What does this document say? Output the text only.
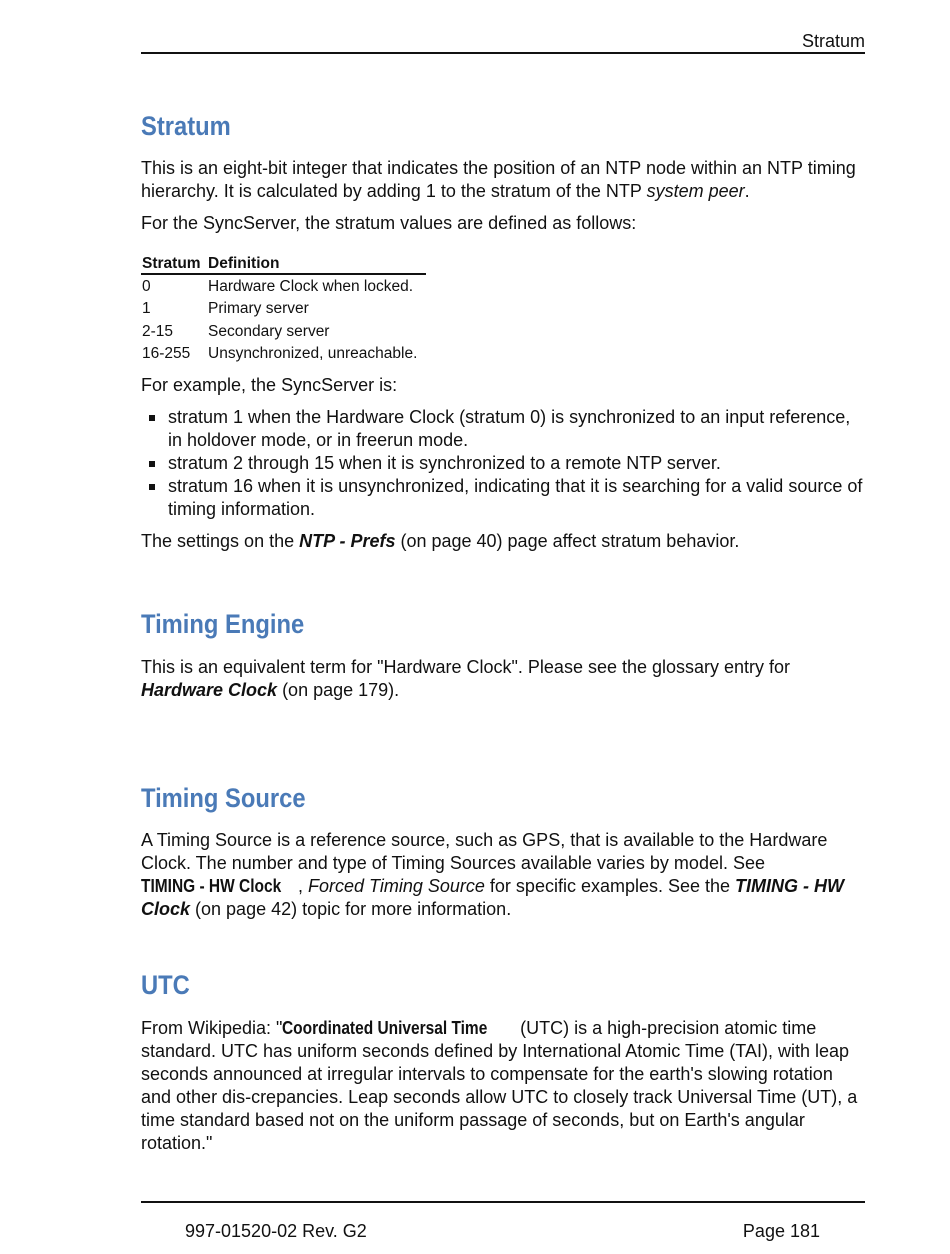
Stratum
Stratum

This is an eight-bit integer that indicates the position of an NTP node within an NTP timing hierarchy. It is calculated by adding 1 to the stratum of the NTP system peer.

For the SyncServer, the stratum values are defined as follows:

Stratum	Definition
0	Hardware Clock when locked.
1	Primary server
2-15	Secondary server
16-255	Unsynchronized, unreachable.

For example, the SyncServer is:

stratum 1 when the Hardware Clock (stratum 0) is synchronized to an input reference, in holdover mode, or in freerun mode.
stratum 2 through 15 when it is synchronized to a remote NTP server.
stratum 16 when it is unsynchronized, indicating that it is searching for a valid source of timing information.

The settings on the NTP - Prefs (on page 40) page affect stratum behavior.

Timing Engine

This is an equivalent term for "Hardware Clock". Please see the glossary entry for Hardware Clock (on page 179).

Timing Source

A Timing Source is a reference source, such as GPS, that is available to the Hardware Clock. The number and type of Timing Sources available varies by model. See TIMING - HW Clock , Forced Timing Source for specific examples. See the TIMING - HW Clock (on page 42) topic for more information.

UTC

From Wikipedia: "Coordinated Universal Time (UTC) is a high-precision atomic time standard. UTC has uniform seconds defined by International Atomic Time (TAI), with leap seconds announced at irregular intervals to compensate for the earth's slowing rotation and other dis-crepancies. Leap seconds allow UTC to closely track Universal Time (UT), a time standard based not on the uniform passage of seconds, but on Earth's angular rotation."

997-01520-02 Rev. G2	Page 181
